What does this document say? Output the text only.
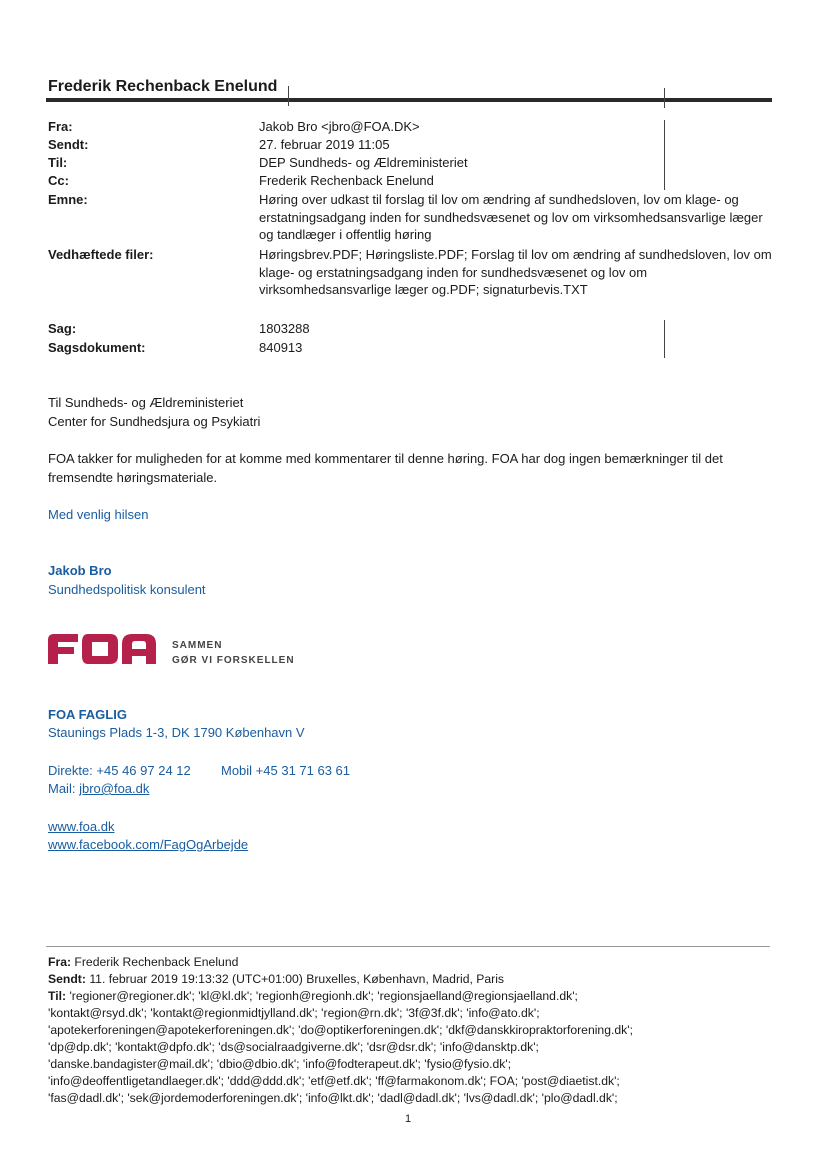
Frederik Rechenback Enelund
Fra:	Jakob Bro <jbro@FOA.DK>
Sendt:	27. februar 2019 11:05
Til:	DEP Sundheds- og Ældreministeriet
Cc:	Frederik Rechenback Enelund
Emne:	Høring over udkast til forslag til lov om ændring af sundhedsloven, lov om klage- og erstatningsadgang inden for sundhedsvæsenet og lov om virksomhedsansvarlige læger og tandlæger i offentlig høring
Vedhæftede filer:	Høringsbrev.PDF; Høringsliste.PDF; Forslag til lov om ændring af sundhedsloven, lov om klage- og erstatningsadgang inden for sundhedsvæsenet og lov om virksomhedsansvarlige læger og.PDF; signaturbevis.TXT
Sag:	1803288
Sagsdokument:	840913
Til Sundheds- og Ældreministeriet
Center for Sundhedsjura og Psykiatri
FOA takker for muligheden for at komme med kommentarer til denne høring. FOA har dog ingen bemærkninger til det fremsendte høringsmateriale.
Med venlig hilsen
Jakob Bro
Sundhedspolitisk konsulent
SAMMEN
GØR VI FORSKELLEN
FOA FAGLIG
Staunings Plads 1-3, DK 1790 København V
Direkte: +45 46 97 24 12 Mobil +45 31 71 63 61
Mail: jbro@foa.dk
www.foa.dk
www.facebook.com/FagOgArbejde
Fra: Frederik Rechenback Enelund
Sendt: 11. februar 2019 19:13:32 (UTC+01:00) Bruxelles, København, Madrid, Paris
Til: 'regioner@regioner.dk'; 'kl@kl.dk'; 'regionh@regionh.dk'; 'regionsjaelland@regionsjaelland.dk';
'kontakt@rsyd.dk'; 'kontakt@regionmidtjylland.dk'; 'region@rn.dk'; '3f@3f.dk'; 'info@ato.dk';
'apotekerforeningen@apotekerforeningen.dk'; 'do@optikerforeningen.dk'; 'dkf@danskkiropraktorforening.dk';
'dp@dp.dk'; 'kontakt@dpfo.dk'; 'ds@socialraadgiverne.dk'; 'dsr@dsr.dk'; 'info@dansktp.dk';
'danske.bandagister@mail.dk'; 'dbio@dbio.dk'; 'info@fodterapeut.dk'; 'fysio@fysio.dk';
'info@deoffentligetandlaeger.dk'; 'ddd@ddd.dk'; 'etf@etf.dk'; 'ff@farmakonom.dk'; FOA; 'post@diaetist.dk';
'fas@dadl.dk'; 'sek@jordemoderforeningen.dk'; 'info@lkt.dk'; 'dadl@dadl.dk'; 'lvs@dadl.dk'; 'plo@dadl.dk';
1
